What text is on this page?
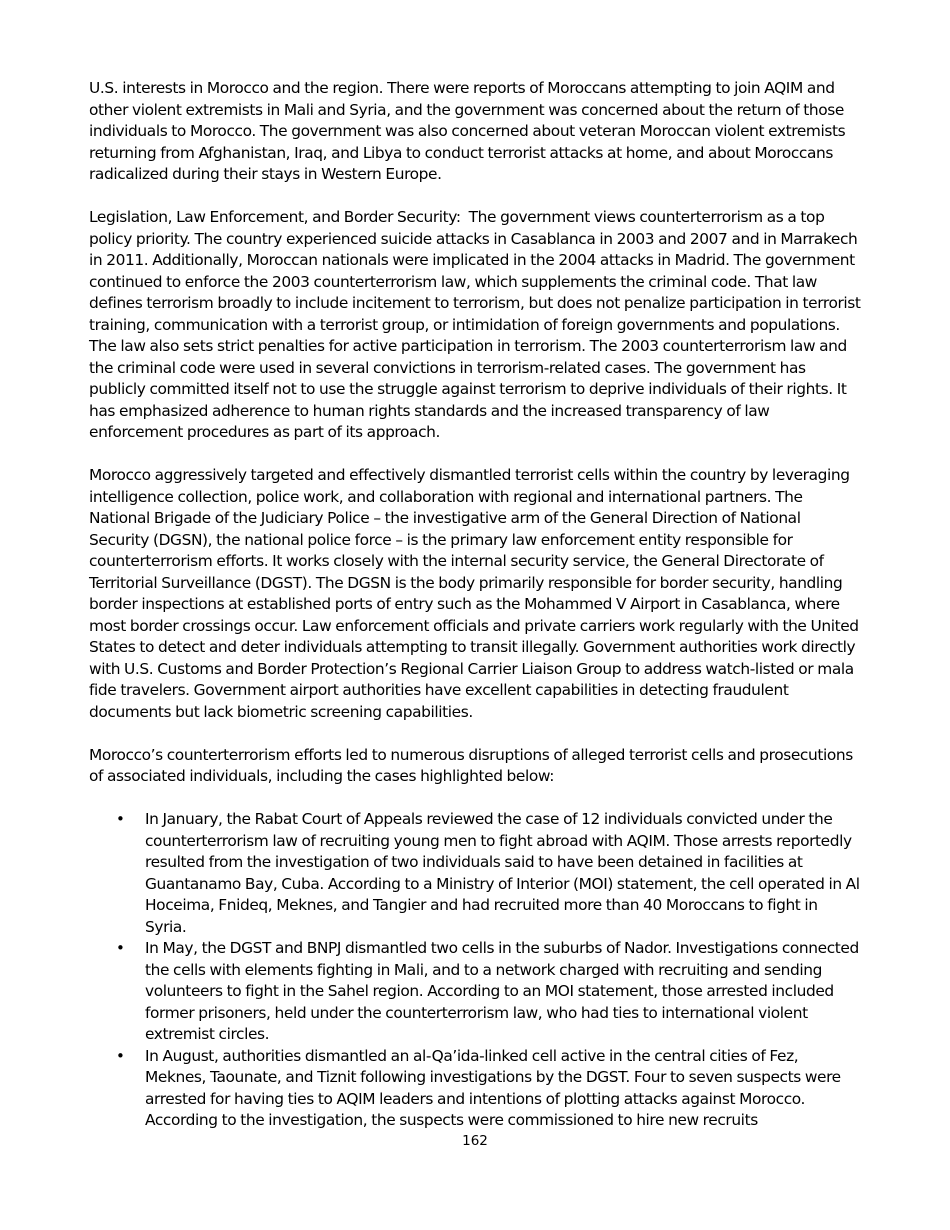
U.S. interests in Morocco and the region. There were reports of Moroccans attempting to join AQIM and other violent extremists in Mali and Syria, and the government was concerned about the return of those individuals to Morocco. The government was also concerned about veteran Moroccan violent extremists returning from Afghanistan, Iraq, and Libya to conduct terrorist attacks at home, and about Moroccans radicalized during their stays in Western Europe.

Legislation, Law Enforcement, and Border Security: The government views counterterrorism as a top policy priority. The country experienced suicide attacks in Casablanca in 2003 and 2007 and in Marrakech in 2011. Additionally, Moroccan nationals were implicated in the 2004 attacks in Madrid. The government continued to enforce the 2003 counterterrorism law, which supplements the criminal code. That law defines terrorism broadly to include incitement to terrorism, but does not penalize participation in terrorist training, communication with a terrorist group, or intimidation of foreign governments and populations. The law also sets strict penalties for active participation in terrorism. The 2003 counterterrorism law and the criminal code were used in several convictions in terrorism-related cases. The government has publicly committed itself not to use the struggle against terrorism to deprive individuals of their rights. It has emphasized adherence to human rights standards and the increased transparency of law enforcement procedures as part of its approach.

Morocco aggressively targeted and effectively dismantled terrorist cells within the country by leveraging intelligence collection, police work, and collaboration with regional and international partners. The National Brigade of the Judiciary Police – the investigative arm of the General Direction of National Security (DGSN), the national police force – is the primary law enforcement entity responsible for counterterrorism efforts. It works closely with the internal security service, the General Directorate of Territorial Surveillance (DGST). The DGSN is the body primarily responsible for border security, handling border inspections at established ports of entry such as the Mohammed V Airport in Casablanca, where most border crossings occur. Law enforcement officials and private carriers work regularly with the United States to detect and deter individuals attempting to transit illegally. Government authorities work directly with U.S. Customs and Border Protection’s Regional Carrier Liaison Group to address watch-listed or mala fide travelers. Government airport authorities have excellent capabilities in detecting fraudulent documents but lack biometric screening capabilities.

Morocco’s counterterrorism efforts led to numerous disruptions of alleged terrorist cells and prosecutions of associated individuals, including the cases highlighted below:

• In January, the Rabat Court of Appeals reviewed the case of 12 individuals convicted under the counterterrorism law of recruiting young men to fight abroad with AQIM. Those arrests reportedly resulted from the investigation of two individuals said to have been detained in facilities at Guantanamo Bay, Cuba. According to a Ministry of Interior (MOI) statement, the cell operated in Al Hoceima, Fnideq, Meknes, and Tangier and had recruited more than 40 Moroccans to fight in Syria.
• In May, the DGST and BNPJ dismantled two cells in the suburbs of Nador. Investigations connected the cells with elements fighting in Mali, and to a network charged with recruiting and sending volunteers to fight in the Sahel region. According to an MOI statement, those arrested included former prisoners, held under the counterterrorism law, who had ties to international violent extremist circles.
• In August, authorities dismantled an al-Qa’ida-linked cell active in the central cities of Fez, Meknes, Taounate, and Tiznit following investigations by the DGST. Four to seven suspects were arrested for having ties to AQIM leaders and intentions of plotting attacks against Morocco. According to the investigation, the suspects were commissioned to hire new recruits
162
